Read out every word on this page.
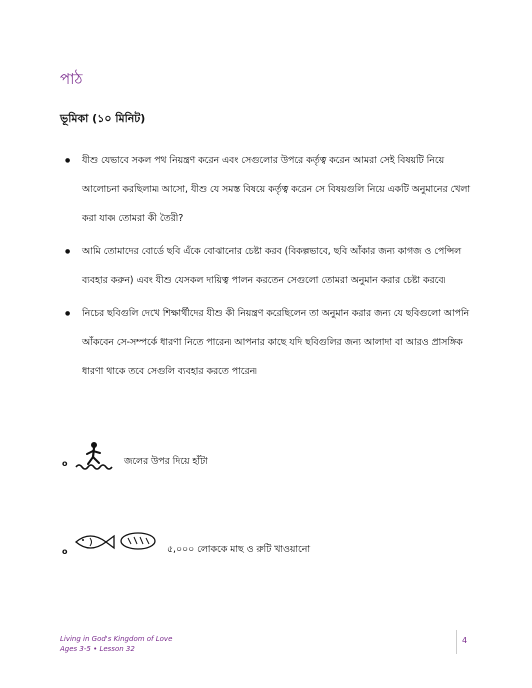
পাঠ
ভূমিকা (১০ মিনিট)
● যীশু যেভাবে সকল পথ নিয়ন্ত্রণ করেন এবং সেগুলোর উপরে কর্তৃত্ব করেন আমরা সেই বিষয়টি নিয়ে আলোচনা করছিলাম৷ আসো, যীশু যে সমস্ত বিষয়ে কর্তৃত্ব করেন সে বিষয়গুলি নিয়ে একটি অনুমানের খেলা করা যাক৷ তোমরা কী তৈরী?
● আমি তোমাদের বোর্ডে ছবি এঁকে বোঝানোর চেষ্টা করব (বিকল্পভাবে, ছবি আঁকার জন্য কাগজ ও পেন্সিল ব্যবহার করুন) এবং যীশু যেসকল দায়িত্ব পালন করতেন সেগুলো তোমরা অনুমান করার চেষ্টা করবে৷
● নিচের ছবিগুলি দেখে শিক্ষার্থীদের যীশু কী নিয়ন্ত্রণ করেছিলেন তা অনুমান করার জন্য যে ছবিগুলো আপনি আঁকবেন সে-সম্পর্কে ধারণা নিতে পারেন৷ আপনার কাছে যদি ছবিগুলির জন্য আলাদা বা আরও প্রাসঙ্গিক ধারণা থাকে তবে সেগুলি ব্যবহার করতে পারেন৷
o	জলের উপর দিয়ে হাঁটা
o	৫,০০০ লোককে মাছ ও রুটি খাওয়ানো
Living in God's Kingdom of Love
Ages 3-5 • Lesson 32
4
